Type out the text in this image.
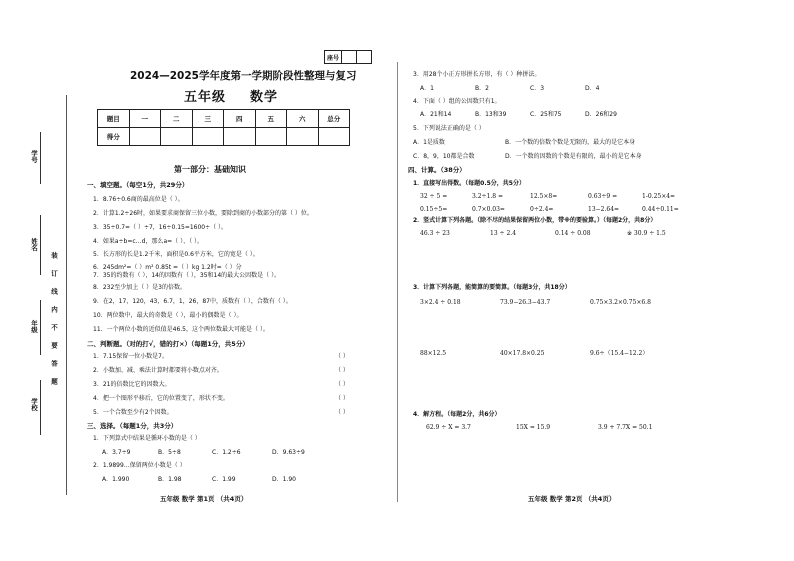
座号		
学号
姓名
年级
学校
装
订
线
内
不
要
答
题
2024—2025学年度第一学期阶段性整理与复习
五年级 数学
题目	一	二	三	四	五	六	总分
得分							
第一部分：基础知识
一、填空题。（每空1分，共29分）
1．8.76÷0.6商的最高位是（ ）。
2．计算1.2÷26时，如果要求商保留三位小数，要除到商的小数部分的第（ ）位。
3．35÷0.7=（ ）÷7，16÷0.15=1600÷（ ）。
4．如果a÷b=c…d，那么a=（ ）、（ ）。
5．长方形的长是1.2千米，面积是0.6平方米，它的宽是（ ）。
6．245dm²=（ ）m² 0.85t =（ ）kg 1.2时=（ ）分
7．35的约数有（ ），14的因数有（ ），35和14的最大公因数是（ ）。
8．232至少加上（ ）是3的倍数。
9．在2，17，120，43，6.7，1，26，87中，质数有（ ），合数有（ ）。
10．两位数中，最大的奇数是（ ），最小的偶数是（ ）。
11．一个两位小数的近似值是46.5，这个两位数最大可能是（ ）。
二、判断题。（对的打√，错的打×）（每题1分，共5分）
1．7.15保留一位小数是7。	（ ）
2．小数加、减、乘法计算时都要将小数点对齐。	（ ）
3．21的倍数比它的因数大。	（ ）
4．把一个图形平移后，它的位置变了，形状不变。	（ ）
5．一个合数至少有2个因数。	（ ）
三、选择。（每题1分，共3分）
1．下列算式中结果是循环小数的是（ ）
A．3.7÷9	B．5÷8	C．1.2÷6	D．9.63÷9
2．1.9899…保留两位小数是（ ）
A．1.990	B．1.98	C．1.99	D．1.90
五年级 数学 第1页 （共4页）
3．用28个小正方形拼长方形，有（ ）种拼法。
A．1	B．2	C．3	D．4
4．下面（ ）组的公因数只有1。
A．21和14	B．13和39	C．25和75	D．26和29
5．下列说法正确的是（ ）
A．1是质数	B．一个数的倍数个数是无限的，最大的是它本身
C．8，9，10都是合数	D．一个数的因数的个数是有限的，最小的是它本身
四、计算。（38分）
1．直接写出得数。（每题0.5分，共5分）
32 ÷ 5 =	3.2÷1.8 =	12.5×8=	0.63÷9 =	1-0.25×4=
0.15÷5=	0.7×0.03=	0÷2.4=	13−2.64=	0.44÷0.11=
2．竖式计算下列各题。（除不尽的结果保留两位小数，带※的要验算。）（每题2分，共8分）
46.3 ÷ 23	13 ÷ 2.4	0.14 ÷ 0.08	※ 30.9 ÷ 1.5
3．计算下列各题，能简算的要简算。（每题3分，共18分）
3×2.4 ÷ 0.18	73.9−26.3−43.7	0.75×3.2×0.75×6.8
88×12.5	40×17.8×0.25	9.6÷（15.4−12.2）
4．解方程。（每题2分，共6分）
62.9 ÷ X = 3.7	15X = 15.9	3.9 + 7.7X = 50.1
五年级 数学 第2页 （共4页）
